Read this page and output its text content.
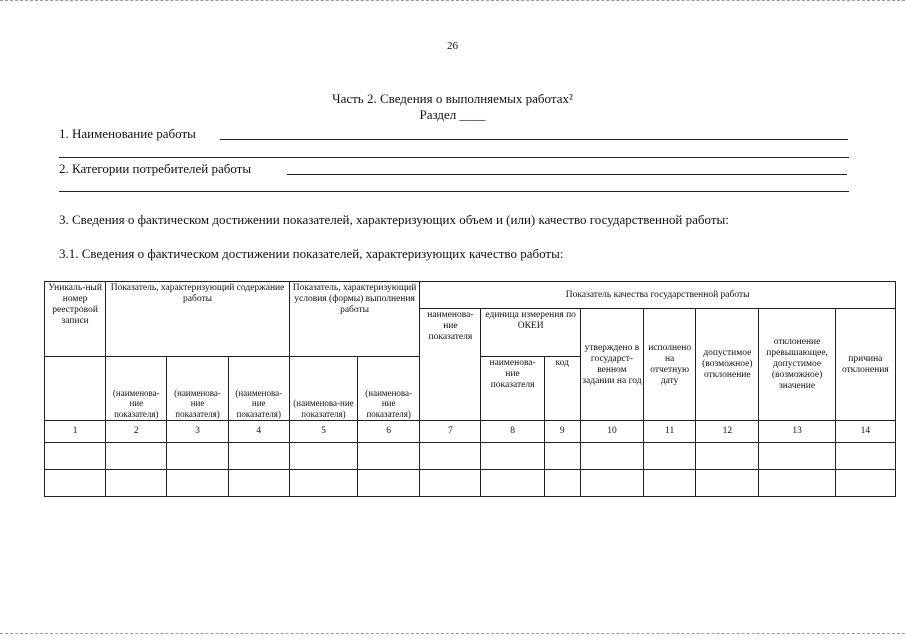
26
Часть 2. Сведения о выполняемых работах²
Раздел ____
1. Наименование работы
2. Категории потребителей работы
3. Сведения о фактическом достижении показателей, характеризующих объем и (или) качество государственной работы:
3.1. Сведения о фактическом достижении показателей, характеризующих качество работы:
Уникаль-ный номер реестровой записи	Показатель, характеризующий содержание работы			Показатель, характеризующий условия (формы) выполнения работы		Показатель качества государственной работы							
						наименова-ние показателя	единица измерения по ОКЕИ		утверждено в государст-венном задании на год	исполнено на отчетную дату	допустимое (возможное) отклонение	отклонение превышающее, допустимое (возможное) значение	причина отклонения
	(наименова-ние показателя)	(наименова-ние показателя)	(наименова-ние показателя)	(наименова-ние показателя)	(наименова-ние показателя)		наименова-ние показателя	код					
1	2	3	4	5	6	7	8	9	10	11	12	13	14
